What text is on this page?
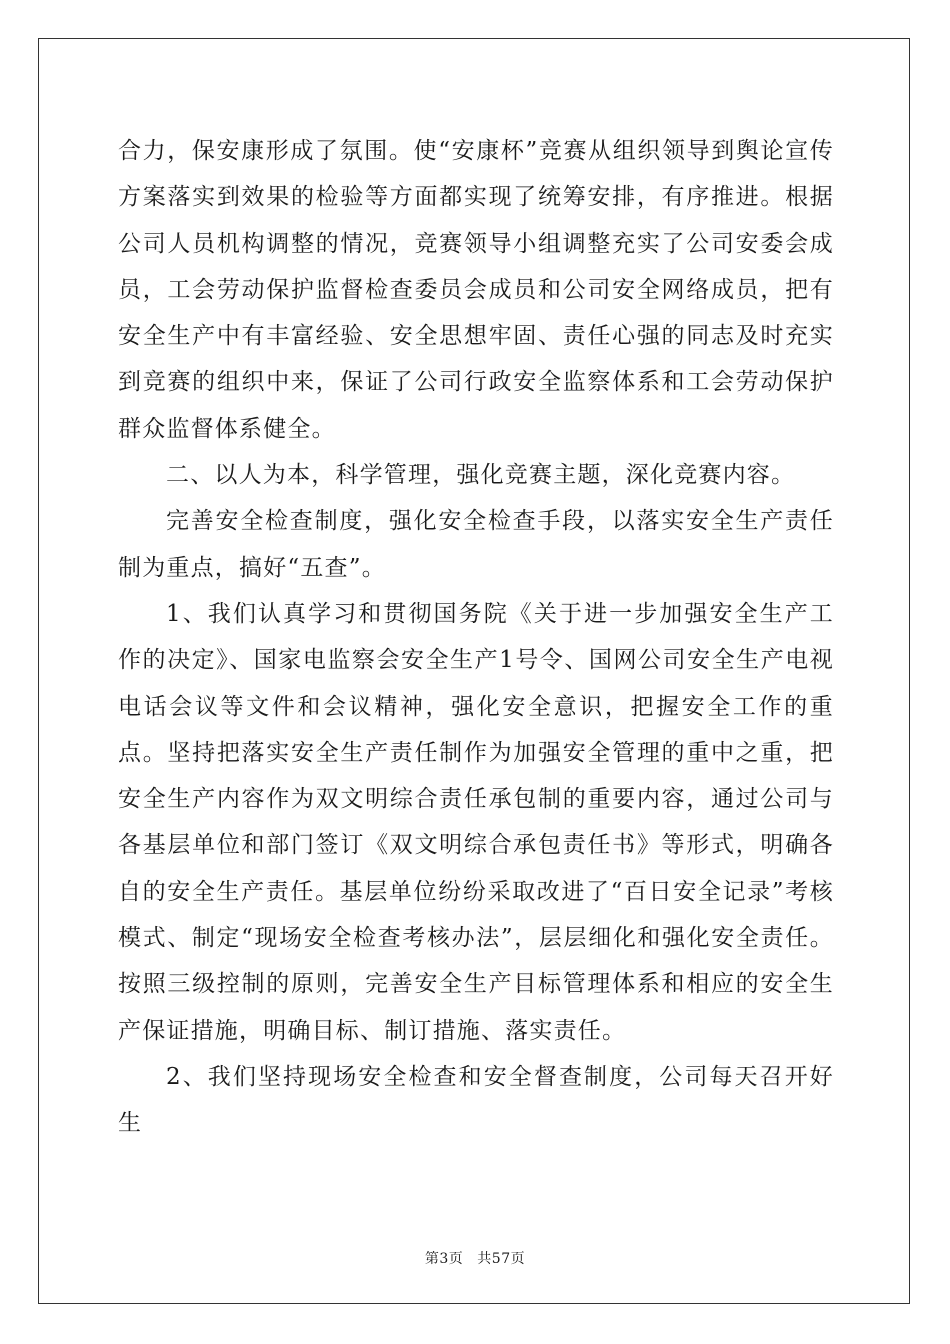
合力，保安康形成了氛围。使“安康杯”竞赛从组织领导到舆论宣传方案落实到效果的检验等方面都实现了统筹安排，有序推进。根据公司人员机构调整的情况，竞赛领导小组调整充实了公司安委会成员，工会劳动保护监督检查委员会成员和公司安全网络成员，把有安全生产中有丰富经验、安全思想牢固、责任心强的同志及时充实到竞赛的组织中来，保证了公司行政安全监察体系和工会劳动保护群众监督体系健全。

二、以人为本，科学管理，强化竞赛主题，深化竞赛内容。

完善安全检查制度，强化安全检查手段，以落实安全生产责任制为重点，搞好“五查”。

1、我们认真学习和贯彻国务院《关于进一步加强安全生产工作的决定》、国家电监察会安全生产1号令、国网公司安全生产电视电话会议等文件和会议精神，强化安全意识，把握安全工作的重点。坚持把落实安全生产责任制作为加强安全管理的重中之重，把安全生产内容作为双文明综合责任承包制的重要内容，通过公司与各基层单位和部门签订《双文明综合承包责任书》等形式，明确各自的安全生产责任。基层单位纷纷采取改进了“百日安全记录”考核模式、制定“现场安全检查考核办法”，层层细化和强化安全责任。按照三级控制的原则，完善安全生产目标管理体系和相应的安全生产保证措施，明确目标、制订措施、落实责任。

2、我们坚持现场安全检查和安全督查制度，公司每天召开好生

第3页 共57页
